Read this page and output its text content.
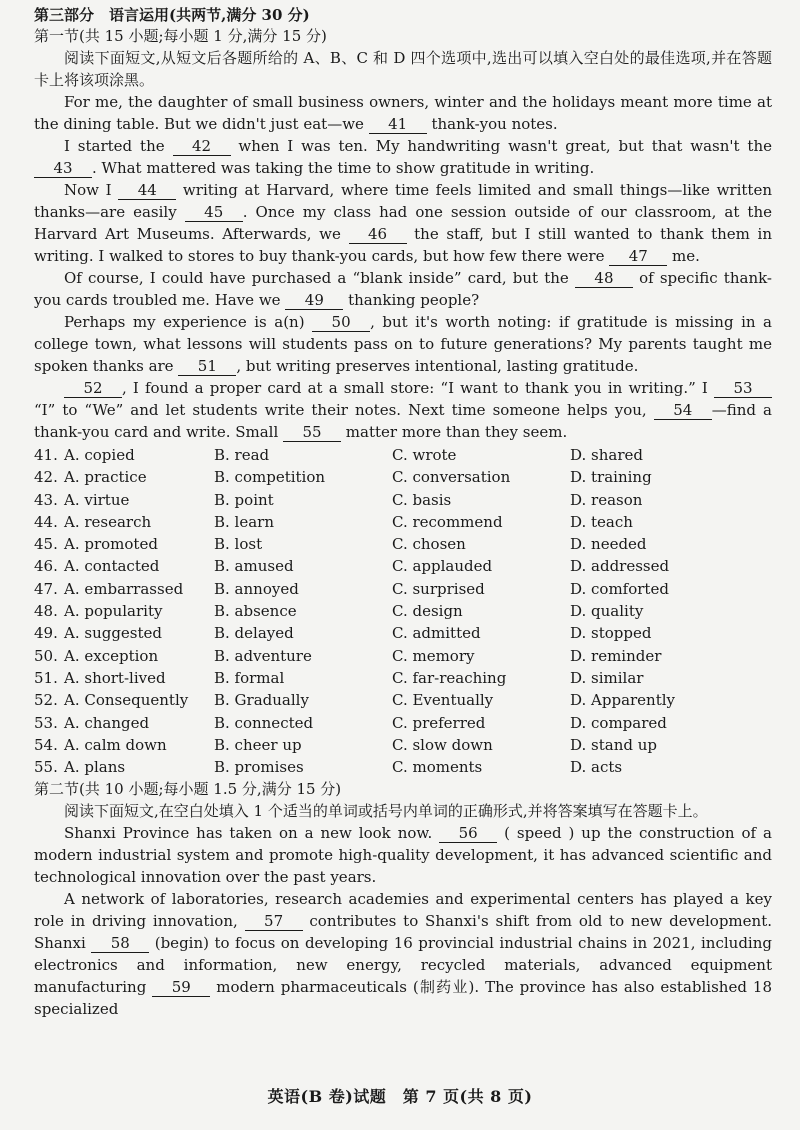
第三部分　语言运用(共两节,满分 30 分)

第一节(共 15 小题;每小题 1 分,满分 15 分)

阅读下面短文,从短文后各题所给的 A、B、C 和 D 四个选项中,选出可以填入空白处的最佳选项,并在答题卡上将该项涂黑。

For me, the daughter of small business owners, winter and the holidays meant more time at the dining table. But we didn't just eat—we 41 thank-you notes.

I started the 42 when I was ten. My handwriting wasn't great, but that wasn't the 43 . What mattered was taking the time to show gratitude in writing.

Now I 44 writing at Harvard, where time feels limited and small things—like written thanks—are easily 45 . Once my class had one session outside of our classroom, at the Harvard Art Museums. Afterwards, we 46 the staff, but I still wanted to thank them in writing. I walked to stores to buy thank-you cards, but how few there were 47 me.

Of course, I could have purchased a “blank inside” card, but the 48 of specific thank-you cards troubled me. Have we 49 thanking people?

Perhaps my experience is a(n) 50 , but it's worth noting: if gratitude is missing in a college town, what lessons will students pass on to future generations? My parents taught me spoken thanks are 51 , but writing preserves intentional, lasting gratitude.

52 , I found a proper card at a small store: “I want to thank you in writing.” I 53 “I” to “We” and let students write their notes. Next time someone helps you, 54 —find a thank-you card and write. Small 55 matter more than they seem.

41. A. copied	B. read	C. wrote	D. shared
42. A. practice	B. competition	C. conversation	D. training
43. A. virtue	B. point	C. basis	D. reason
44. A. research	B. learn	C. recommend	D. teach
45. A. promoted	B. lost	C. chosen	D. needed
46. A. contacted	B. amused	C. applauded	D. addressed
47. A. embarrassed	B. annoyed	C. surprised	D. comforted
48. A. popularity	B. absence	C. design	D. quality
49. A. suggested	B. delayed	C. admitted	D. stopped
50. A. exception	B. adventure	C. memory	D. reminder
51. A. short-lived	B. formal	C. far-reaching	D. similar
52. A. Consequently	B. Gradually	C. Eventually	D. Apparently
53. A. changed	B. connected	C. preferred	D. compared
54. A. calm down	B. cheer up	C. slow down	D. stand up
55. A. plans	B. promises	C. moments	D. acts

第二节(共 10 小题;每小题 1.5 分,满分 15 分)

阅读下面短文,在空白处填入 1 个适当的单词或括号内单词的正确形式,并将答案填写在答题卡上。

Shanxi Province has taken on a new look now. 56 ( speed ) up the construction of a modern industrial system and promote high-quality development, it has advanced scientific and technological innovation over the past years.

A network of laboratories, research academies and experimental centers has played a key role in driving innovation, 57 contributes to Shanxi's shift from old to new development. Shanxi 58 (begin) to focus on developing 16 provincial industrial chains in 2021, including electronics and information, new energy, recycled materials, advanced equipment manufacturing 59 modern pharmaceuticals (制药业). The province has also established 18 specialized

英语(B 卷)试题　第 7 页(共 8 页)
